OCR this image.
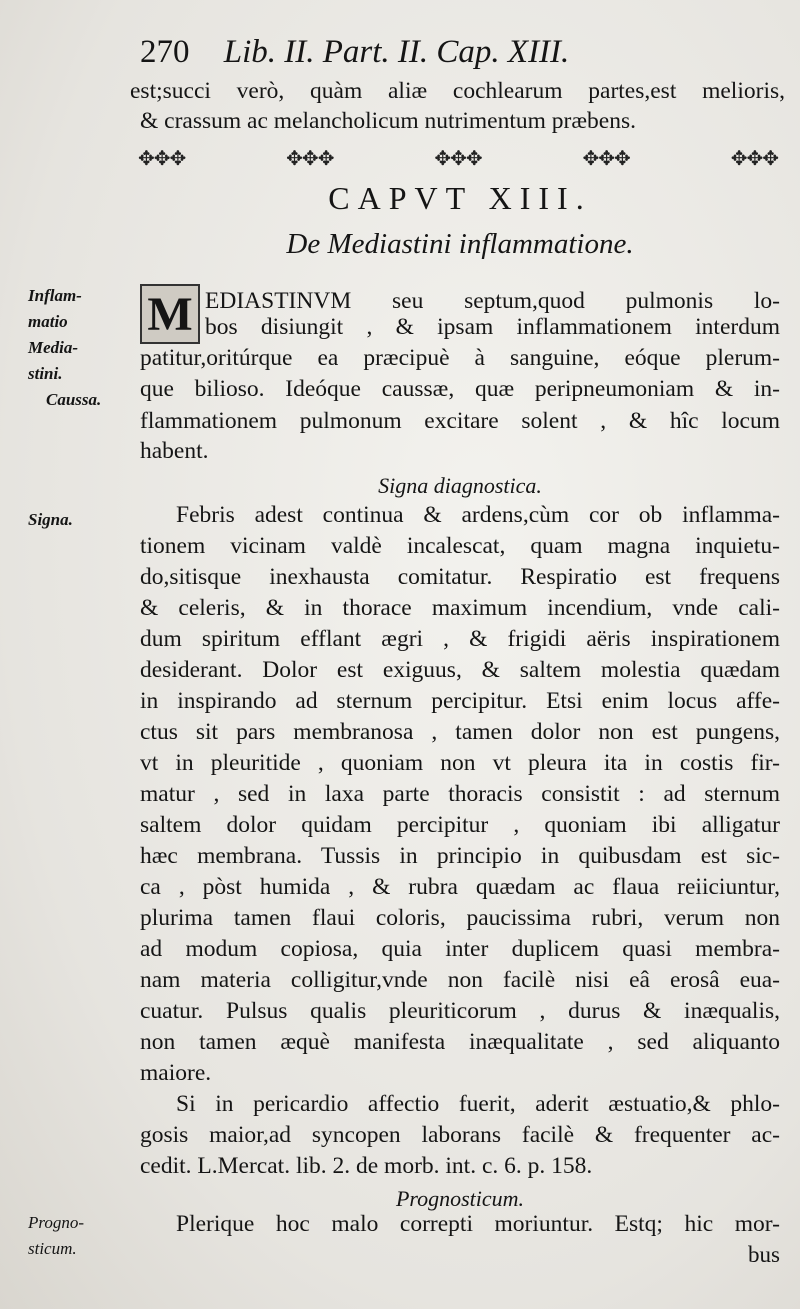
270 Lib. II. Part. II. Cap. XIII.
est;succi verò, quàm aliæ cochlearum partes,est melioris,
& crassum ac melancholicum nutrimentum præbens.
✥✥✥	✥✥✥	✥✥✥	✥✥✥	✥✥✥
CAPVT XIII.
De Mediastini inflammatione.
M EDIASTINVM seu septum,quod pulmonis lo-
bos disiungit , & ipsam inflammationem interdum
patitur,oritúrque ea præcipuè à sanguine, eóque plerum-
que bilioso. Ideóque caussæ, quæ peripneumoniam & in-
flammationem pulmonum excitare solent , & hîc locum
habent.
Signa diagnostica.
Febris adest continua & ardens,cùm cor ob inflamma-
tionem vicinam valdè incalescat, quam magna inquietu-
do,sitisque inexhausta comitatur. Respiratio est frequens
& celeris, & in thorace maximum incendium, vnde cali-
dum spiritum efflant ægri , & frigidi aëris inspirationem
desiderant. Dolor est exiguus, & saltem molestia quædam
in inspirando ad sternum percipitur. Etsi enim locus affe-
ctus sit pars membranosa , tamen dolor non est pungens,
vt in pleuritide , quoniam non vt pleura ita in costis fir-
matur , sed in laxa parte thoracis consistit : ad sternum
saltem dolor quidam percipitur , quoniam ibi alligatur
hæc membrana. Tussis in principio in quibusdam est sic-
ca , pòst humida , & rubra quædam ac flaua reiiciuntur,
plurima tamen flaui coloris, paucissima rubri, verum non
ad modum copiosa, quia inter duplicem quasi membra-
nam materia colligitur,vnde non facilè nisi eâ erosâ eua-
cuatur. Pulsus qualis pleuriticorum , durus & inæqualis,
non tamen æquè manifesta inæqualitate , sed aliquanto
maiore.
Si in pericardio affectio fuerit, aderit æstuatio,& phlo-
gosis maior,ad syncopen laborans facilè & frequenter ac-
cedit. L.Mercat. lib. 2. de morb. int. c. 6. p. 158.
Prognosticum.
Plerique hoc malo correpti moriuntur. Estq; hic mor-
bus
Inflam-
matio
Media-
stini.
Caussa.
Signa.
Progno-
sticum.
